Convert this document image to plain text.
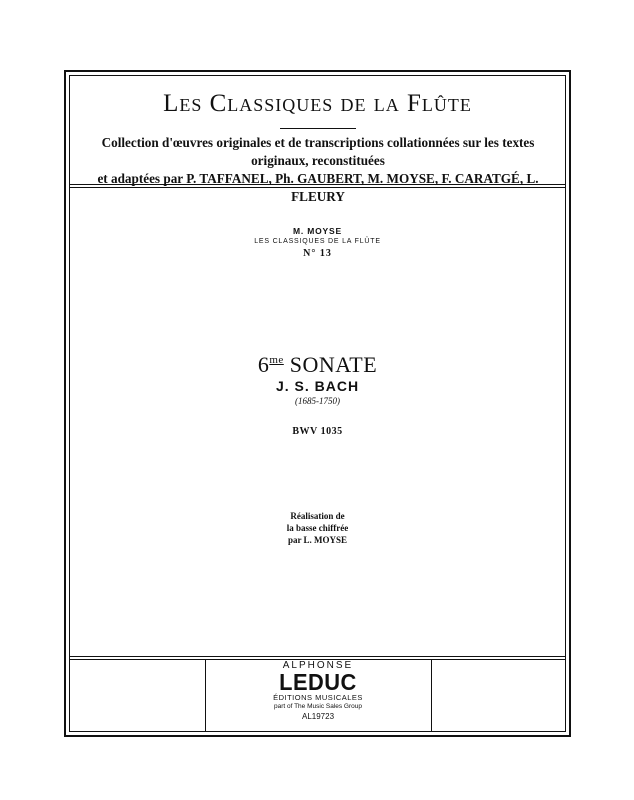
Les Classiques de la Flûte
Collection d'œuvres originales et de transcriptions collationnées sur les textes originaux, reconstituées
et adaptées par P. TAFFANEL, Ph. GAUBERT, M. MOYSE, F. CARATGÉ, L. FLEURY
M. MOYSE
LES CLASSIQUES DE LA FLÛTE
N° 13
$6^{me}$ SONATE
J. S. BACH
(1685-1750)
BWV 1035
Réalisation de
la basse chiffrée
par L. MOYSE
ALPHONSE
LEDUC
ÉDITIONS MUSICALES
part of The Music Sales Group
AL19723
